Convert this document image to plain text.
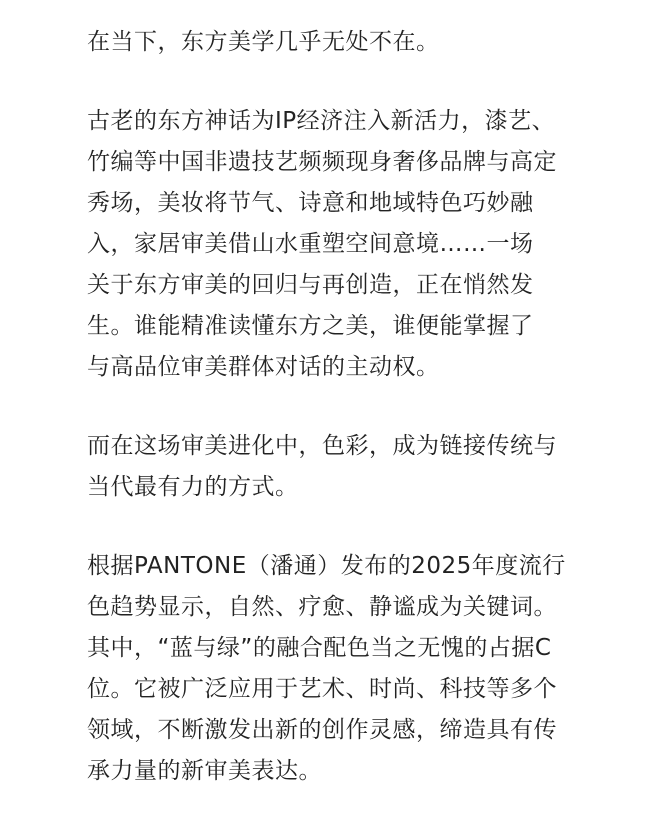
在当下，东方美学几乎无处不在。

古老的东方神话为IP经济注入新活力，漆艺、
竹编等中国非遗技艺频频现身奢侈品牌与高定
秀场，美妆将节气、诗意和地域特色巧妙融
入，家居审美借山水重塑空间意境……一场
关于东方审美的回归与再创造，正在悄然发
生。谁能精准读懂东方之美，谁便能掌握了
与高品位审美群体对话的主动权。

而在这场审美进化中，色彩，成为链接传统与
当代最有力的方式。

根据PANTONE（潘通）发布的2025年度流行
色趋势显示，自然、疗愈、静谧成为关键词。
其中，“蓝与绿”的融合配色当之无愧的占据C
位。它被广泛应用于艺术、时尚、科技等多个
领域，不断激发出新的创作灵感，缔造具有传
承力量的新审美表达。
